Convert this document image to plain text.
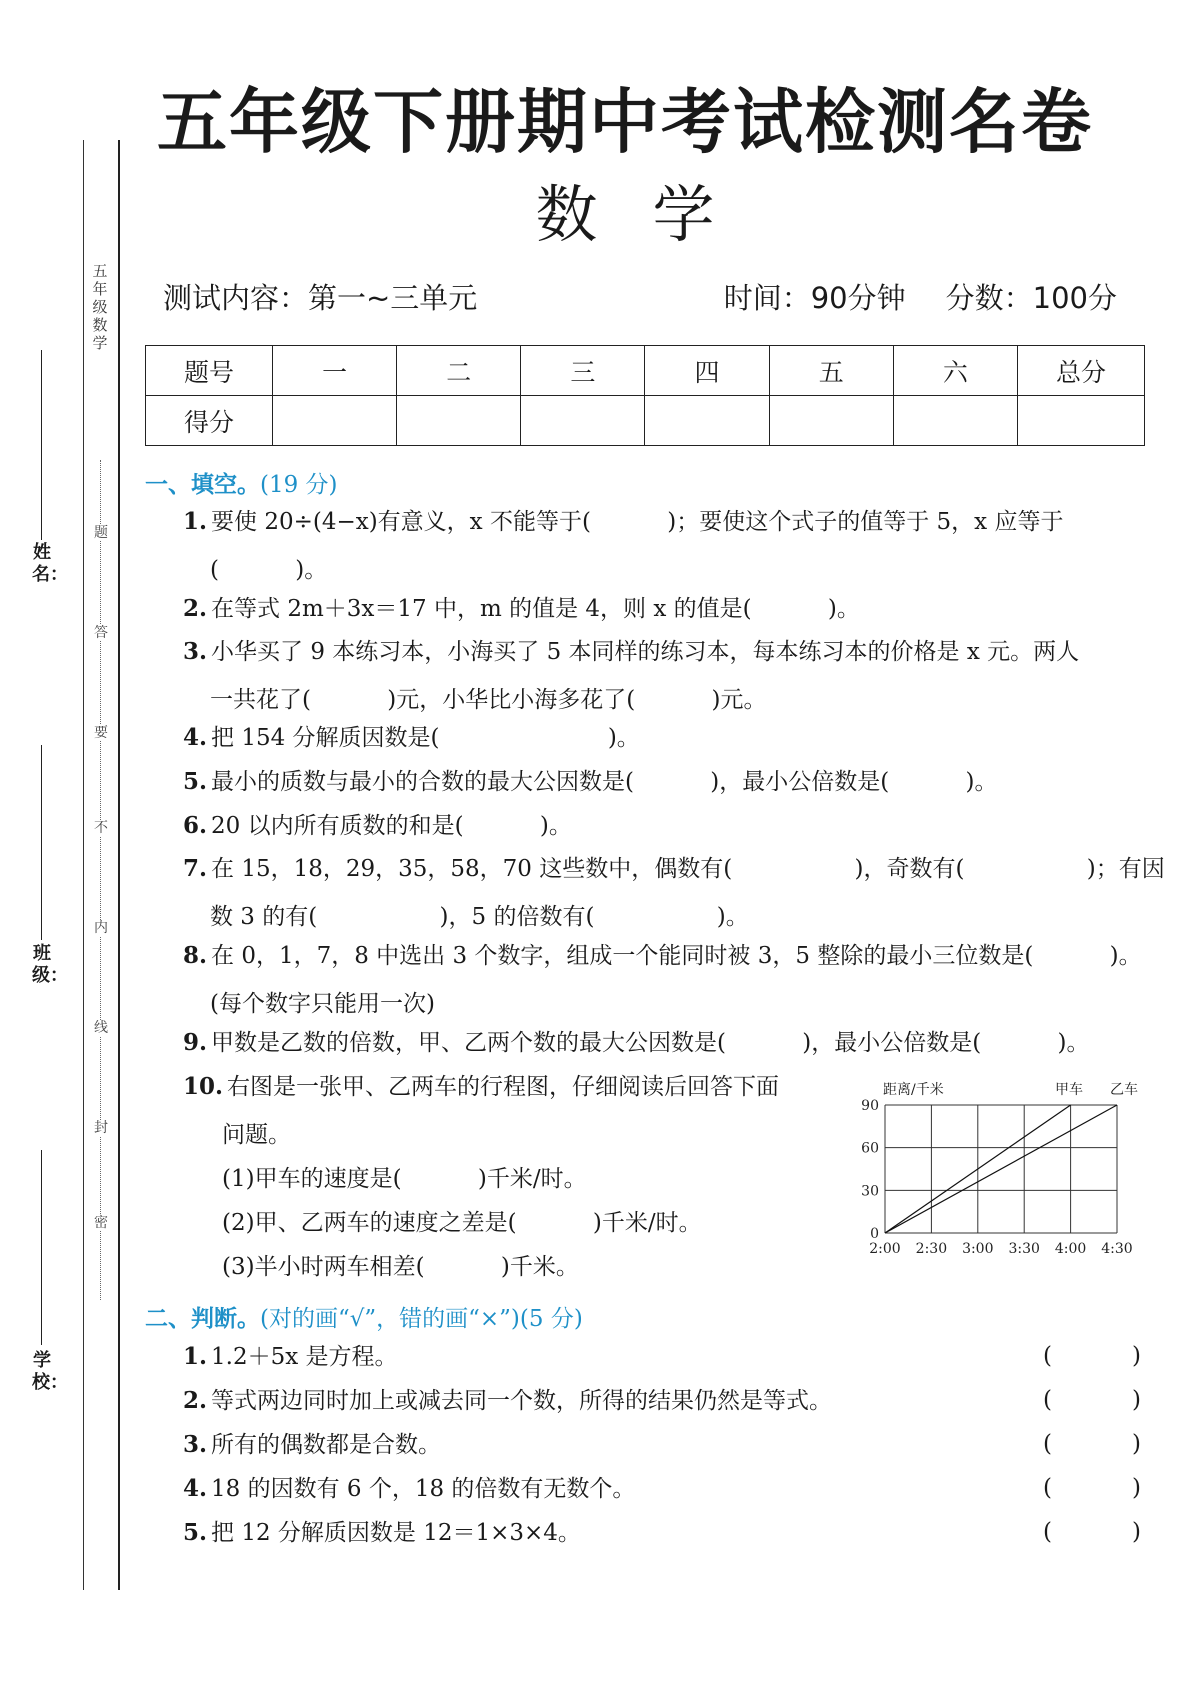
五年级数学
题
答
要
不
内
线
封
密
姓名：
班级：
学校：
五年级下册期中考试检测名卷
数学
测试内容：第一~三单元	时间：90分钟 分数：100分
题号	一	二	三	四	五	六	总分
得分							
一、填空。(19 分)
1. 要使 20÷(4−x)有意义，x 不能等于(　　　 )；要使这个式子的值等于 5，x 应等于
(　　　 )。
2. 在等式 2m＋3x＝17 中，m 的值是 4，则 x 的值是(　　　 )。
3. 小华买了 9 本练习本，小海买了 5 本同样的练习本，每本练习本的价格是 x 元。两人
一共花了(　　　 )元，小华比小海多花了(　　　 )元。
4. 把 154 分解质因数是(　　　　　　　 )。
5. 最小的质数与最小的合数的最大公因数是(　　　 )，最小公倍数是(　　　 )。
6. 20 以内所有质数的和是(　　　 )。
7. 在 15，18，29，35，58，70 这些数中，偶数有(　　　　　 )，奇数有(　　　　　 )；有因
数 3 的有(　　　　　 )，5 的倍数有(　　　　　 )。
8. 在 0，1，7，8 中选出 3 个数字，组成一个能同时被 3，5 整除的最小三位数是(　　　 )。
(每个数字只能用一次)
9. 甲数是乙数的倍数，甲、乙两个数的最大公因数是(　　　 )，最小公倍数是(　　　 )。
10. 右图是一张甲、乙两车的行程图，仔细阅读后回答下面
问题。
(1)甲车的速度是(　　　 )千米/时。
(2)甲、乙两车的速度之差是(　　　 )千米/时。
(3)半小时两车相差(　　　 )千米。
距离/千米	甲车 乙车
2:00 2:30 3:00 3:30 4:00 4:30
0
30
60
90
二、判断。(对的画“√”，错的画“×”)(5 分)
1. 1.2＋5x 是方程。	(	)
2. 等式两边同时加上或减去同一个数，所得的结果仍然是等式。	(	)
3. 所有的偶数都是合数。	(	)
4. 18 的因数有 6 个，18 的倍数有无数个。	(	)
5. 把 12 分解质因数是 12＝1×3×4。	(	)
